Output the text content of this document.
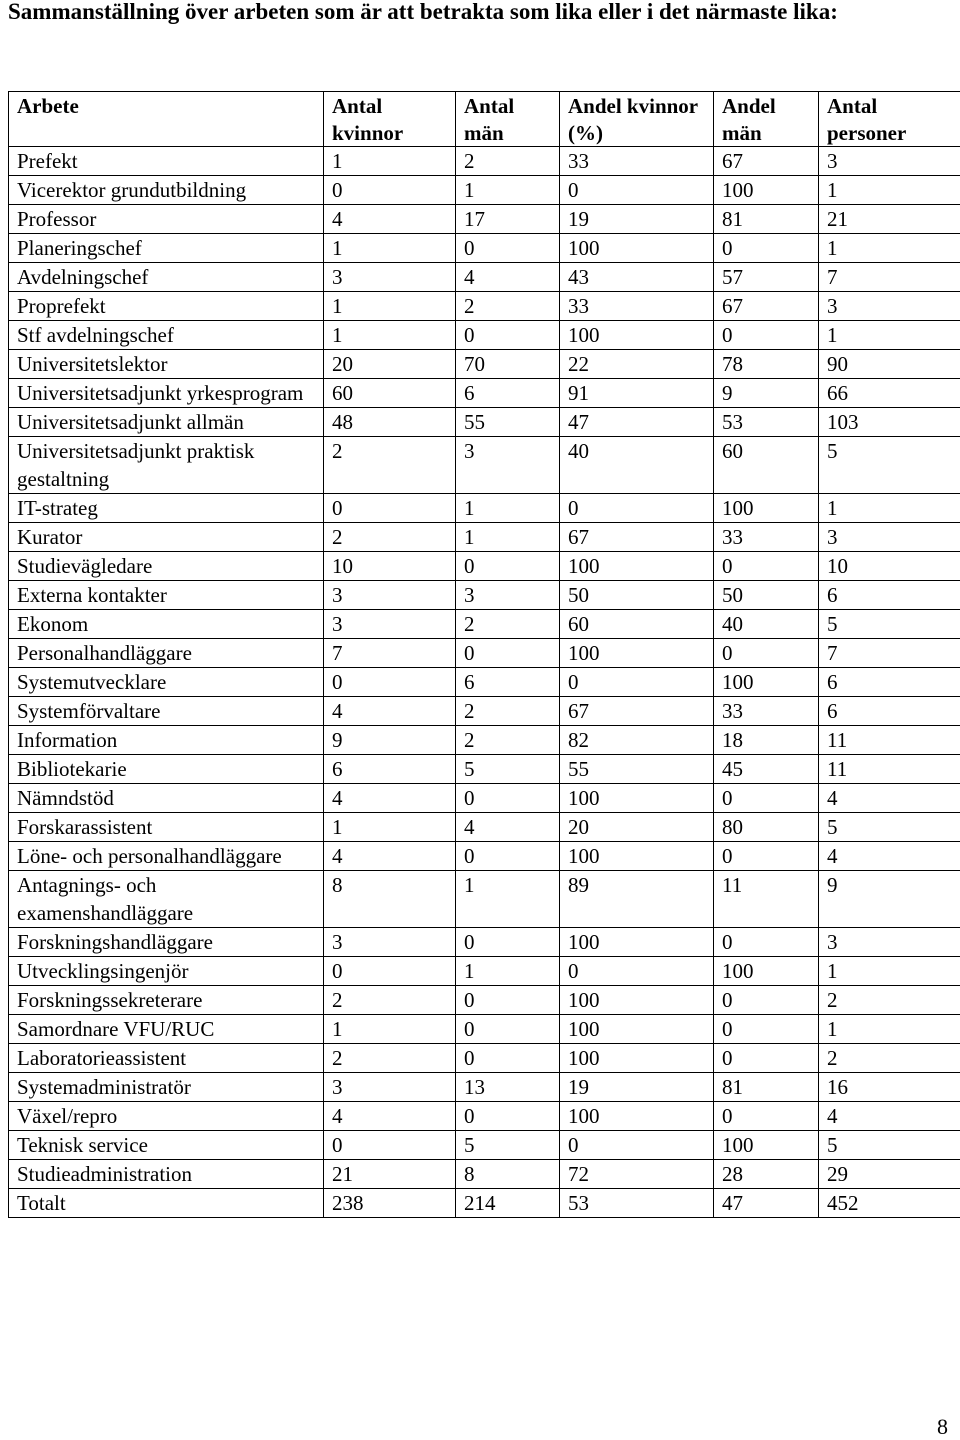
Sammanställning över arbeten som är att betrakta som lika eller i det närmaste lika:
Arbete	Antal kvinnor	Antal män	Andel kvinnor (%)	Andel män	Antal personer
Prefekt	1	2	33	67	3
Vicerektor grundutbildning	0	1	0	100	1
Professor	4	17	19	81	21
Planeringschef	1	0	100	0	1
Avdelningschef	3	4	43	57	7
Proprefekt	1	2	33	67	3
Stf avdelningschef	1	0	100	0	1
Universitetslektor	20	70	22	78	90
Universitetsadjunkt yrkesprogram	60	6	91	9	66
Universitetsadjunkt allmän	48	55	47	53	103
Universitetsadjunkt praktisk gestaltning	2	3	40	60	5
IT-strateg	0	1	0	100	1
Kurator	2	1	67	33	3
Studievägledare	10	0	100	0	10
Externa kontakter	3	3	50	50	6
Ekonom	3	2	60	40	5
Personalhandläggare	7	0	100	0	7
Systemutvecklare	0	6	0	100	6
Systemförvaltare	4	2	67	33	6
Information	9	2	82	18	11
Bibliotekarie	6	5	55	45	11
Nämndstöd	4	0	100	0	4
Forskarassistent	1	4	20	80	5
Löne- och personalhandläggare	4	0	100	0	4
Antagnings- och examenshandläggare	8	1	89	11	9
Forskningshandläggare	3	0	100	0	3
Utvecklingsingenjör	0	1	0	100	1
Forskningssekreterare	2	0	100	0	2
Samordnare VFU/RUC	1	0	100	0	1
Laboratorieassistent	2	0	100	0	2
Systemadministratör	3	13	19	81	16
Växel/repro	4	0	100	0	4
Teknisk service	0	5	0	100	5
Studieadministration	21	8	72	28	29
Totalt	238	214	53	47	452
8
